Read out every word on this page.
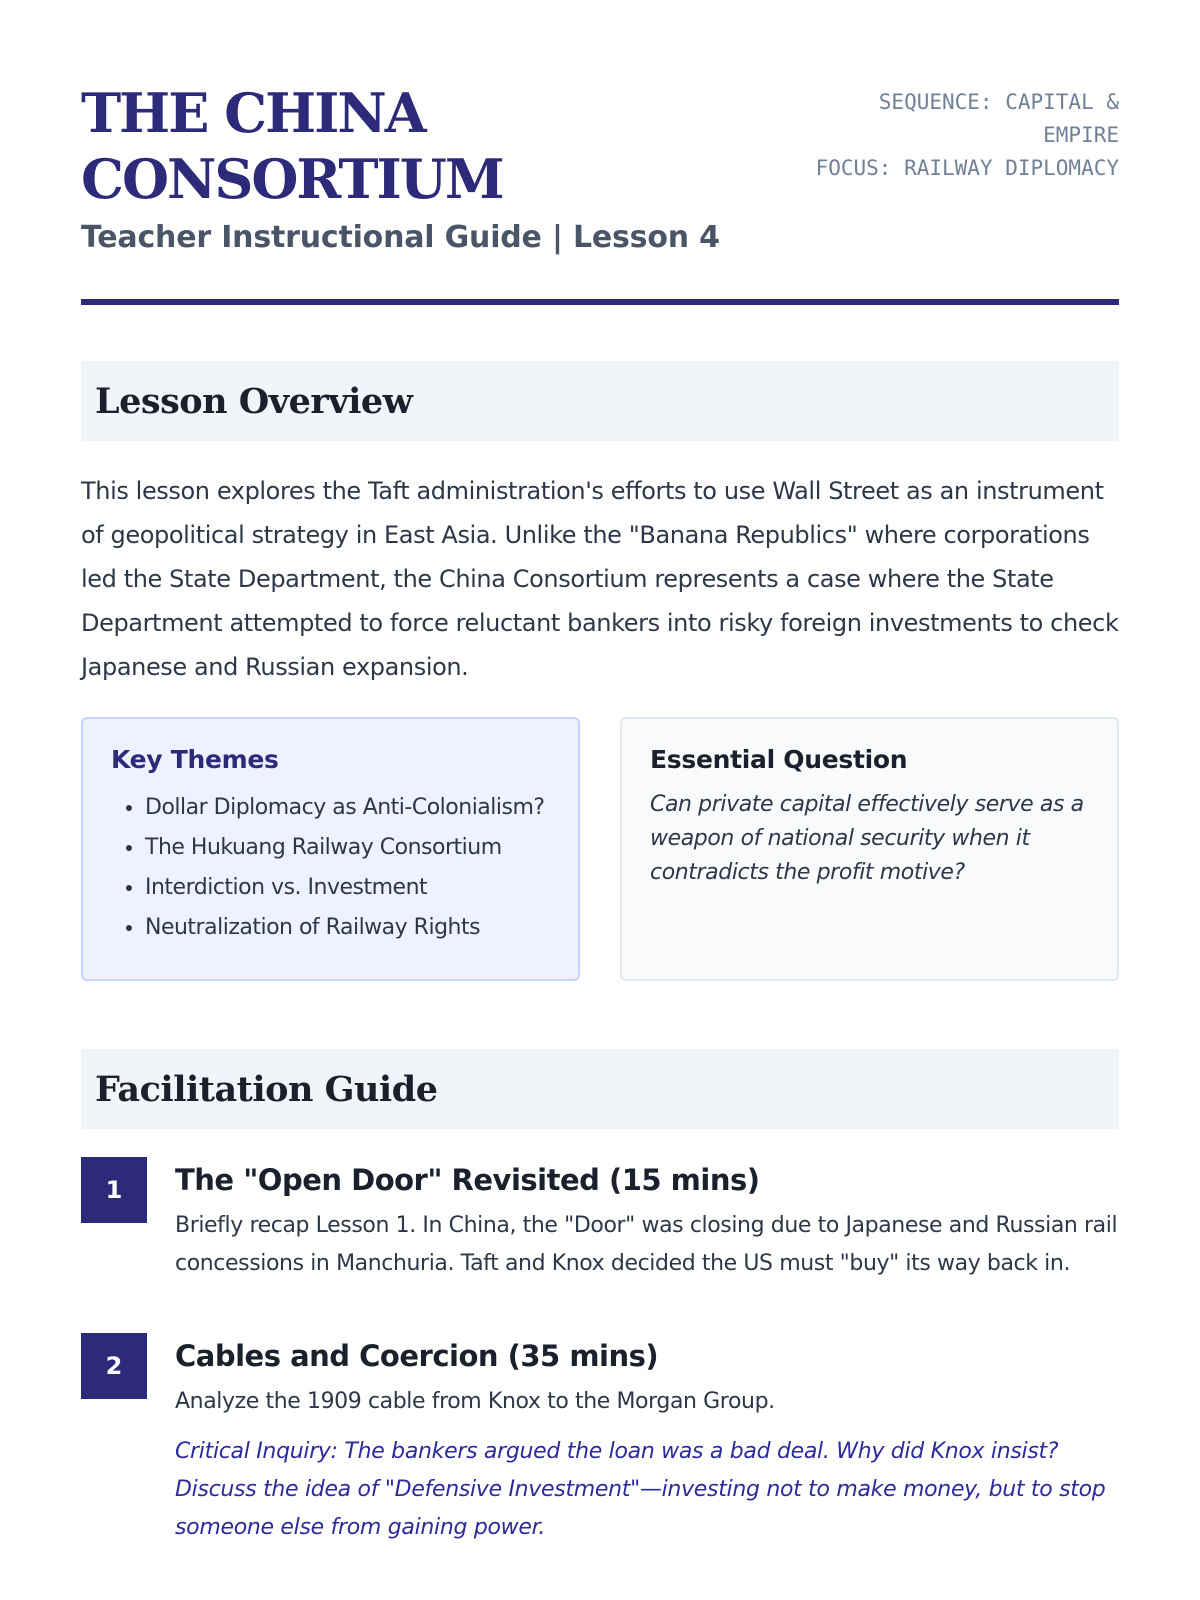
THE CHINA
CONSORTIUM

Teacher Instructional Guide | Lesson 4

SEQUENCE: CAPITAL &
EMPIRE
FOCUS: RAILWAY DIPLOMACY
Lesson Overview

This lesson explores the Taft administration's efforts to use Wall Street as an instrument of geopolitical strategy in East Asia. Unlike the "Banana Republics" where corporations led the State Department, the China Consortium represents a case where the State Department attempted to force reluctant bankers into risky foreign investments to check Japanese and Russian expansion.

Key Themes
• Dollar Diplomacy as Anti-Colonialism?
• The Hukuang Railway Consortium
• Interdiction vs. Investment
• Neutralization of Railway Rights
Essential Question

Can private capital effectively serve as a weapon of national security when it contradicts the profit motive?

Facilitation Guide
1	The "Open Door" Revisited (15 mins)

Briefly recap Lesson 1. In China, the "Door" was closing due to Japanese and Russian rail concessions in Manchuria. Taft and Knox decided the US must "buy" its way back in.

2	Cables and Coercion (35 mins)

Analyze the 1909 cable from Knox to the Morgan Group.

Critical Inquiry: The bankers argued the loan was a bad deal. Why did Knox insist? Discuss the idea of "Defensive Investment"—investing not to make money, but to stop someone else from gaining power.
